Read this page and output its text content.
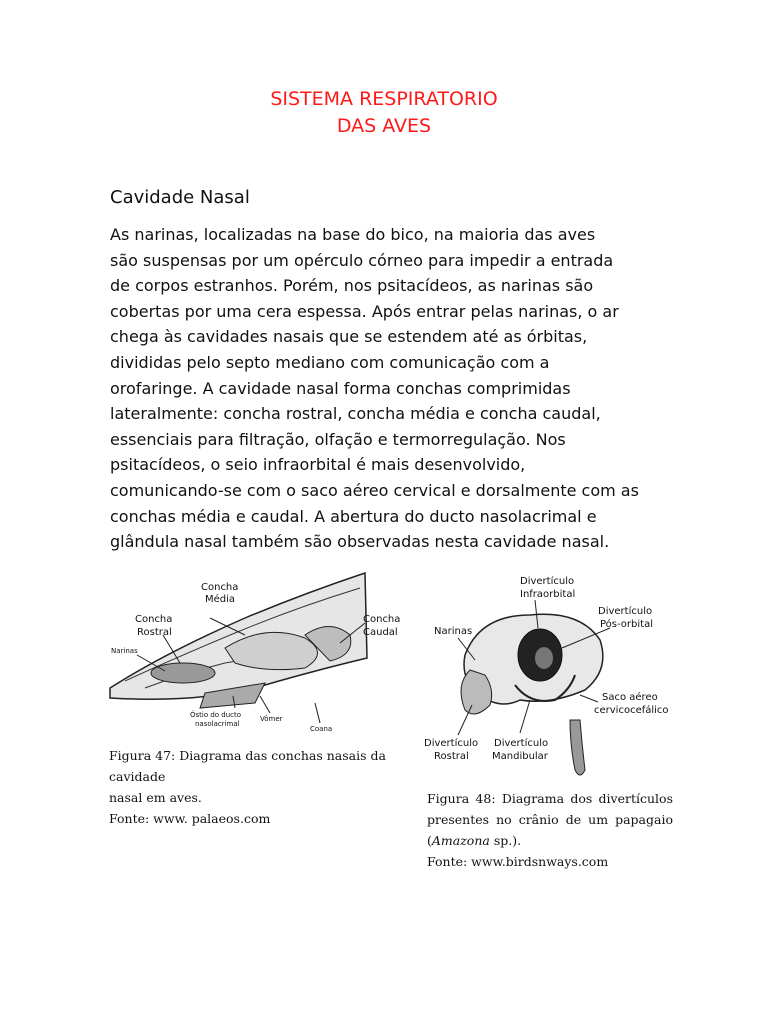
SISTEMA RESPIRATORIO
DAS AVES
Cavidade Nasal

As narinas, localizadas na base do bico, na maioria das aves
são suspensas por um opérculo córneo para impedir a entrada
de corpos estranhos. Porém, nos psitacídeos, as narinas são
cobertas por uma cera espessa. Após entrar pelas narinas, o ar
chega às cavidades nasais que se estendem até as órbitas,
divididas pelo septo mediano com comunicação com a
orofaringe. A cavidade nasal forma conchas comprimidas
lateralmente: concha rostral, concha média e concha caudal,
essenciais para filtração, olfação e termorregulação. Nos
psitacídeos, o seio infraorbital é mais desenvolvido,
comunicando-se com o saco aéreo cervical e dorsalmente com as
conchas média e caudal. A abertura do ducto nasolacrimal e
glândula nasal também são observadas nesta cavidade nasal.

Concha
Média
Concha
Rostral
Concha
Caudal
Narinas
Óstio do ducto
nasolacrimal
Vômer
Coana
Figura 47: Diagrama das conchas nasais da cavidade
nasal em aves.
Fonte: www. palaeos.com
Divertículo
Infraorbital
Divertículo
Pós-orbital
Narinas
Saco aéreo
cervicocefálico
Divertículo
Rostral
Divertículo
Mandibular
Figura 48: Diagrama dos divertículos
presentes no crânio de um papagaio
(Amazona sp.).
Fonte: www.birdsnways.com
